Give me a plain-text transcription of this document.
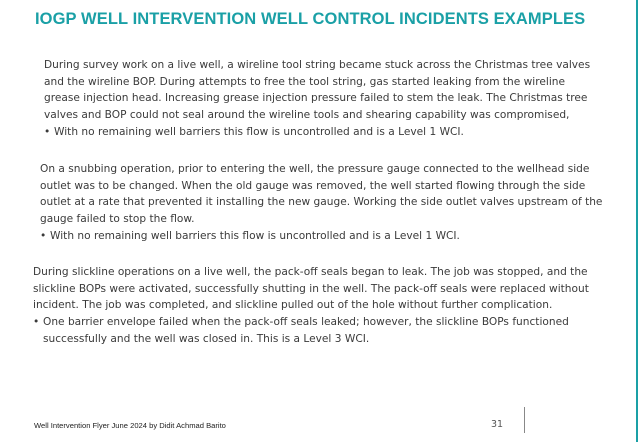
IOGP WELL INTERVENTION WELL CONTROL INCIDENTS EXAMPLES

During survey work on a live well, a wireline tool string became stuck across the Christmas tree valves and the wireline BOP. During attempts to free the tool string, gas started leaking from the wireline grease injection head. Increasing grease injection pressure failed to stem the leak. The Christmas tree valves and BOP could not seal around the wireline tools and shearing capability was compromised,

• With no remaining well barriers this flow is uncontrolled and is a Level 1 WCI.

On a snubbing operation, prior to entering the well, the pressure gauge connected to the wellhead side outlet was to be changed. When the old gauge was removed, the well started flowing through the side outlet at a rate that prevented it installing the new gauge. Working the side outlet valves upstream of the gauge failed to stop the flow.

• With no remaining well barriers this flow is uncontrolled and is a Level 1 WCI.

During slickline operations on a live well, the pack-off seals began to leak. The job was stopped, and the slickline BOPs were activated, successfully shutting in the well. The pack-off seals were replaced without incident. The job was completed, and slickline pulled out of the hole without further complication.

• One barrier envelope failed when the pack-off seals leaked; however, the slickline BOPs functioned successfully and the well was closed in. This is a Level 3 WCI.
Well Intervention Flyer June 2024 by Didit Achmad Barito	31
